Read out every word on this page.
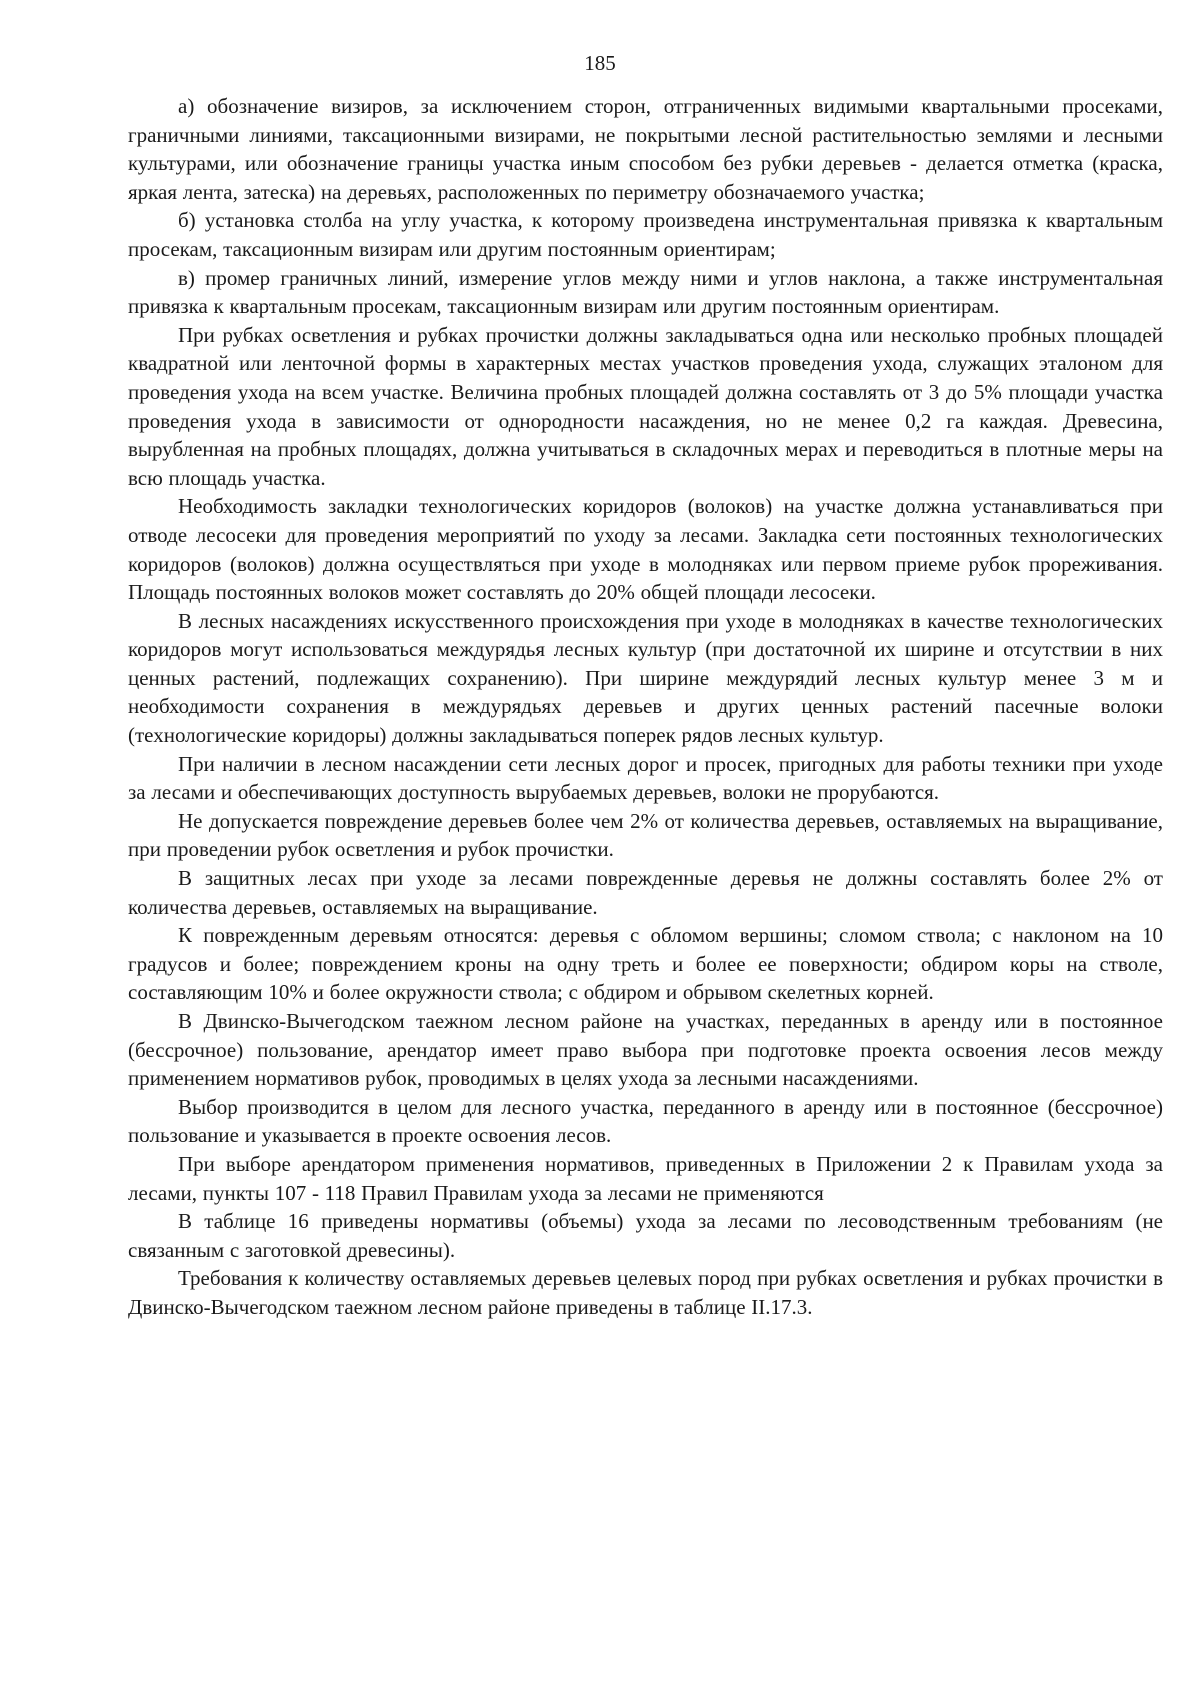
185

а) обозначение визиров, за исключением сторон, отграниченных видимыми квартальными просеками, граничными линиями, таксационными визирами, не покрытыми лесной растительностью землями и лесными культурами, или обозначение границы участка иным способом без рубки деревьев - делается отметка (краска, яркая лента, затеска) на деревьях, расположенных по периметру обозначаемого участка;

б) установка столба на углу участка, к которому произведена инструментальная привязка к квартальным просекам, таксационным визирам или другим постоянным ориентирам;

в) промер граничных линий, измерение углов между ними и углов наклона, а также инструментальная привязка к квартальным просекам, таксационным визирам или другим постоянным ориентирам.

При рубках осветления и рубках прочистки должны закладываться одна или несколько пробных площадей квадратной или ленточной формы в характерных местах участков проведения ухода, служащих эталоном для проведения ухода на всем участке. Величина пробных площадей должна составлять от 3 до 5% площади участка проведения ухода в зависимости от однородности насаждения, но не менее 0,2 га каждая. Древесина, вырубленная на пробных площадях, должна учитываться в складочных мерах и переводиться в плотные меры на всю площадь участка.

Необходимость закладки технологических коридоров (волоков) на участке должна устанавливаться при отводе лесосеки для проведения мероприятий по уходу за лесами. Закладка сети постоянных технологических коридоров (волоков) должна осуществляться при уходе в молодняках или первом приеме рубок прореживания. Площадь постоянных волоков может составлять до 20% общей площади лесосеки.

В лесных насаждениях искусственного происхождения при уходе в молодняках в качестве технологических коридоров могут использоваться междурядья лесных культур (при достаточной их ширине и отсутствии в них ценных растений, подлежащих сохранению). При ширине междурядий лесных культур менее 3 м и необходимости сохранения в междурядьях деревьев и других ценных растений пасечные волоки (технологические коридоры) должны закладываться поперек рядов лесных культур.

При наличии в лесном насаждении сети лесных дорог и просек, пригодных для работы техники при уходе за лесами и обеспечивающих доступность вырубаемых деревьев, волоки не прорубаются.

Не допускается повреждение деревьев более чем 2% от количества деревьев, оставляемых на выращивание, при проведении рубок осветления и рубок прочистки.

В защитных лесах при уходе за лесами поврежденные деревья не должны составлять более 2% от количества деревьев, оставляемых на выращивание.

К поврежденным деревьям относятся: деревья с обломом вершины; сломом ствола; с наклоном на 10 градусов и более; повреждением кроны на одну треть и более ее поверхности; обдиром коры на стволе, составляющим 10% и более окружности ствола; с обдиром и обрывом скелетных корней.

В Двинско-Вычегодском таежном лесном районе на участках, переданных в аренду или в постоянное (бессрочное) пользование, арендатор имеет право выбора при подготовке проекта освоения лесов между применением нормативов рубок, проводимых в целях ухода за лесными насаждениями.

Выбор производится в целом для лесного участка, переданного в аренду или в постоянное (бессрочное) пользование и указывается в проекте освоения лесов.

При выборе арендатором применения нормативов, приведенных в Приложении 2 к Правилам ухода за лесами, пункты 107 - 118 Правил Правилам ухода за лесами не применяются

В таблице 16 приведены нормативы (объемы) ухода за лесами по лесоводственным требованиям (не связанным с заготовкой древесины).

Требования к количеству оставляемых деревьев целевых пород при рубках осветления и рубках прочистки в Двинско-Вычегодском таежном лесном районе приведены в таблице II.17.3.
